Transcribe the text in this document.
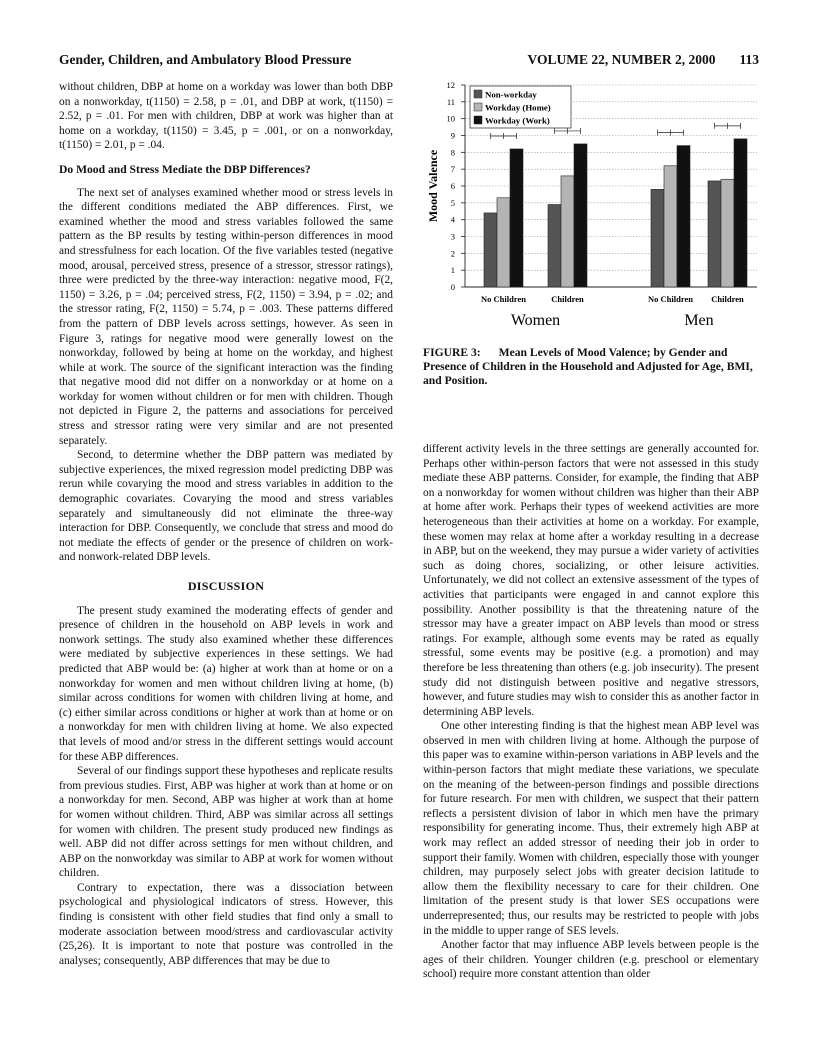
Gender, Children, and Ambulatory Blood Pressure	VOLUME 22, NUMBER 2, 2000 113

without children, DBP at home on a workday was lower than both DBP on a nonworkday, t(1150) = 2.58, p = .01, and DBP at work, t(1150) = 2.52, p = .01. For men with children, DBP at work was higher than at home on a workday, t(1150) = 3.45, p = .001, or on a nonworkday, t(1150) = 2.01, p = .04.

Do Mood and Stress Mediate the DBP Differences?

The next set of analyses examined whether mood or stress levels in the different conditions mediated the ABP differences. First, we examined whether the mood and stress variables followed the same pattern as the BP results by testing within-person differences in mood and stressfulness for each location. Of the five variables tested (negative mood, arousal, perceived stress, presence of a stressor, stressor ratings), three were predicted by the three-way interaction: negative mood, F(2, 1150) = 3.26, p = .04; perceived stress, F(2, 1150) = 3.94, p = .02; and the stressor rating, F(2, 1150) = 5.74, p = .003. These patterns differed from the pattern of DBP levels across settings, however. As seen in Figure 3, ratings for negative mood were generally lowest on the nonworkday, followed by being at home on the workday, and highest while at work. The source of the significant interaction was the finding that negative mood did not differ on a nonworkday or at home on a workday for women without children or for men with children. Though not depicted in Figure 2, the patterns and associations for perceived stress and stressor rating were very similar and are not presented separately.

Second, to determine whether the DBP pattern was mediated by subjective experiences, the mixed regression model predicting DBP was rerun while covarying the mood and stress variables in addition to the demographic covariates. Covarying the mood and stress variables separately and simultaneously did not eliminate the three-way interaction for DBP. Consequently, we conclude that stress and mood do not mediate the effects of gender or the presence of children on work- and nonwork-related DBP levels.

DISCUSSION

The present study examined the moderating effects of gender and presence of children in the household on ABP levels in work and nonwork settings. The study also examined whether these differences were mediated by subjective experiences in these settings. We had predicted that ABP would be: (a) higher at work than at home or on a nonworkday for women and men without children living at home, (b) similar across conditions for women with children living at home, and (c) either similar across conditions or higher at work than at home or on a nonworkday for men with children living at home. We also expected that levels of mood and/or stress in the different settings would account for these ABP differences.

Several of our findings support these hypotheses and replicate results from previous studies. First, ABP was higher at work than at home or on a nonworkday for men. Second, ABP was higher at work than at home for women without children. Third, ABP was similar across all settings for women with children. The present study produced new findings as well. ABP did not differ across settings for men without children, and ABP on the nonworkday was similar to ABP at work for women without children.

Contrary to expectation, there was a dissociation between psychological and physiological indicators of stress. However, this finding is consistent with other field studies that find only a small to moderate association between mood/stress and cardiovascular activity (25,26). It is important to note that posture was controlled in the analyses; consequently, ABP differences that may be due to

0
1
2
3
4
5
6
7
8
9
10
11
12
Mood Valence
No Children	Children	No Children Children
Women	Men
Non-workday
Workday (Home)
Workday (Work)
FIGURE 3: Mean Levels of Mood Valence; by Gender and Presence of Children in the Household and Adjusted for Age, BMI, and Position.

different activity levels in the three settings are generally accounted for. Perhaps other within-person factors that were not assessed in this study mediate these ABP patterns. Consider, for example, the finding that ABP on a nonworkday for women without children was higher than their ABP at home after work. Perhaps their types of weekend activities are more heterogeneous than their activities at home on a workday. For example, these women may relax at home after a workday resulting in a decrease in ABP, but on the weekend, they may pursue a wider variety of activities such as doing chores, socializing, or other leisure activities. Unfortunately, we did not collect an extensive assessment of the types of activities that participants were engaged in and cannot explore this possibility. Another possibility is that the threatening nature of the stressor may have a greater impact on ABP levels than mood or stress ratings. For example, although some events may be rated as equally stressful, some events may be positive (e.g. a promotion) and may therefore be less threatening than others (e.g. job insecurity). The present study did not distinguish between positive and negative stressors, however, and future studies may wish to consider this as another factor in determining ABP levels.

One other interesting finding is that the highest mean ABP level was observed in men with children living at home. Although the purpose of this paper was to examine within-person variations in ABP levels and the within-person factors that might mediate these variations, we speculate on the meaning of the between-person findings and possible directions for future research. For men with children, we suspect that their pattern reflects a persistent division of labor in which men have the primary responsibility for generating income. Thus, their extremely high ABP at work may reflect an added stressor of needing their job in order to support their family. Women with children, especially those with younger children, may purposely select jobs with greater decision latitude to allow them the flexibility necessary to care for their children. One limitation of the present study is that lower SES occupations were underrepresented; thus, our results may be restricted to people with jobs in the middle to upper range of SES levels.

Another factor that may influence ABP levels between people is the ages of their children. Younger children (e.g. preschool or elementary school) require more constant attention than older
